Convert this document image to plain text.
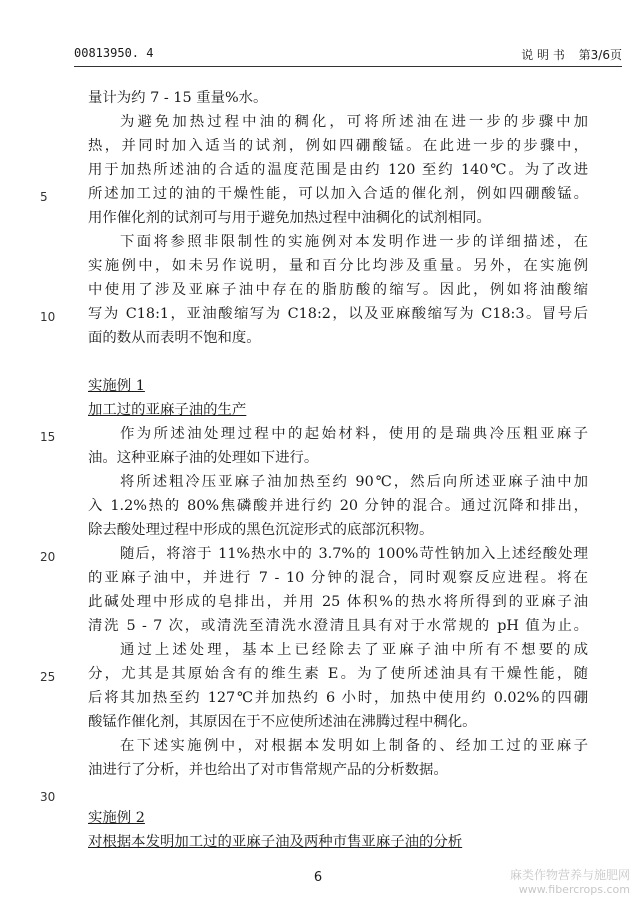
00813950. 4	说 明 书 第3/6页
5
10
15
20
25
30
量计为约 7 - 15 重量%水。
为避免加热过程中油的稠化，可将所述油在进一步的步骤中加
热，并同时加入适当的试剂，例如四硼酸锰。在此进一步的步骤中，
用于加热所述油的合适的温度范围是由约 120 至约 140℃。为了改进
所述加工过的油的干燥性能，可以加入合适的催化剂，例如四硼酸锰。
用作催化剂的试剂可与用于避免加热过程中油稠化的试剂相同。
下面将参照非限制性的实施例对本发明作进一步的详细描述，在
实施例中，如未另作说明，量和百分比均涉及重量。另外，在实施例
中使用了涉及亚麻子油中存在的脂肪酸的缩写。因此，例如将油酸缩
写为 C18:1，亚油酸缩写为 C18:2，以及亚麻酸缩写为 C18:3。冒号后
面的数从而表明不饱和度。
实施例 1
加工过的亚麻子油的生产
作为所述油处理过程中的起始材料，使用的是瑞典冷压粗亚麻子
油。这种亚麻子油的处理如下进行。
将所述粗冷压亚麻子油加热至约 90℃，然后向所述亚麻子油中加
入 1.2%热的 80%焦磷酸并进行约 20 分钟的混合。通过沉降和排出，
除去酸处理过程中形成的黑色沉淀形式的底部沉积物。
随后，将溶于 11%热水中的 3.7%的 100%苛性钠加入上述经酸处理
的亚麻子油中，并进行 7 - 10 分钟的混合，同时观察反应进程。将在
此碱处理中形成的皂排出，并用 25 体积%的热水将所得到的亚麻子油
清洗 5 - 7 次，或清洗至清洗水澄清且具有对于水常规的 pH 值为止。
通过上述处理，基本上已经除去了亚麻子油中所有不想要的成
分，尤其是其原始含有的维生素 E。为了使所述油具有干燥性能，随
后将其加热至约 127℃并加热约 6 小时，加热中使用约 0.02%的四硼
酸锰作催化剂，其原因在于不应使所述油在沸腾过程中稠化。
在下述实施例中，对根据本发明如上制备的、经加工过的亚麻子
油进行了分析，并也给出了对市售常规产品的分析数据。
实施例 2
对根据本发明加工过的亚麻子油及两种市售亚麻子油的分析
6	麻类作物营养与施肥网
www.fibercrops.com
